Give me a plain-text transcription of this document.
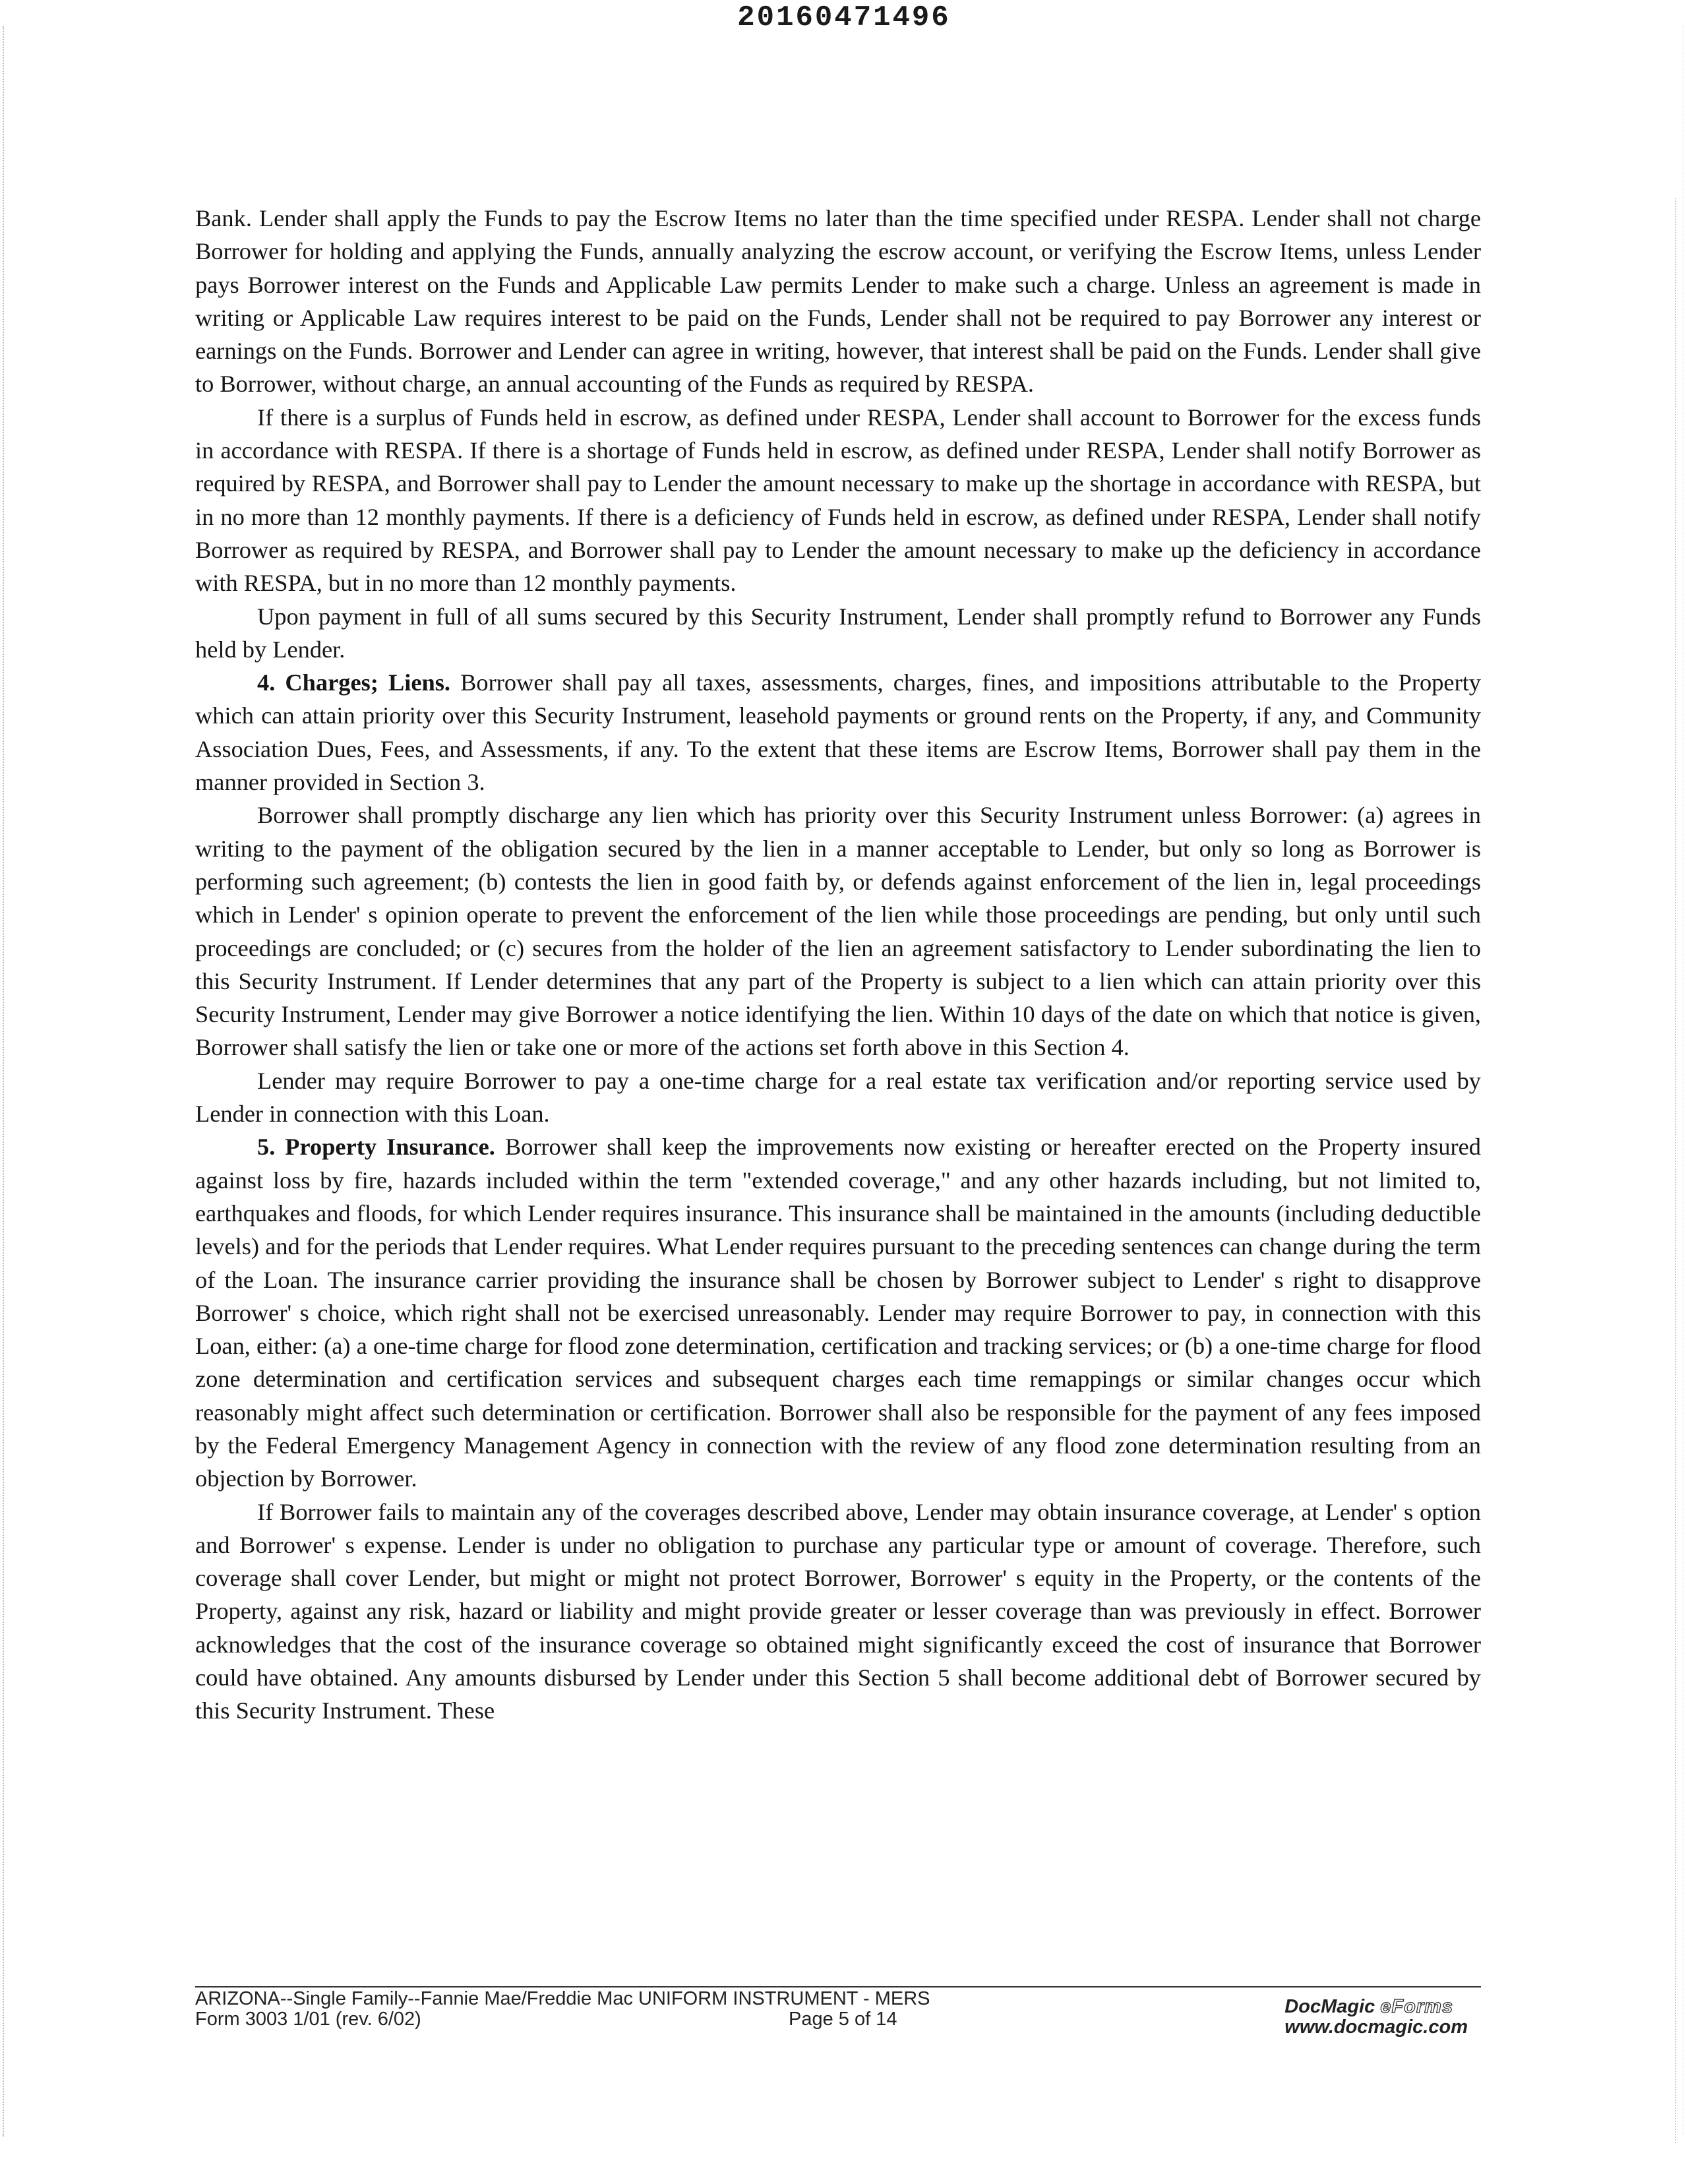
20160471496

Bank. Lender shall apply the Funds to pay the Escrow Items no later than the time specified under RESPA. Lender shall not charge Borrower for holding and applying the Funds, annually analyzing the escrow account, or verifying the Escrow Items, unless Lender pays Borrower interest on the Funds and Applicable Law permits Lender to make such a charge. Unless an agreement is made in writing or Applicable Law requires interest to be paid on the Funds, Lender shall not be required to pay Borrower any interest or earnings on the Funds. Borrower and Lender can agree in writing, however, that interest shall be paid on the Funds. Lender shall give to Borrower, without charge, an annual accounting of the Funds as required by RESPA.

If there is a surplus of Funds held in escrow, as defined under RESPA, Lender shall account to Borrower for the excess funds in accordance with RESPA. If there is a shortage of Funds held in escrow, as defined under RESPA, Lender shall notify Borrower as required by RESPA, and Borrower shall pay to Lender the amount necessary to make up the shortage in accordance with RESPA, but in no more than 12 monthly payments. If there is a deficiency of Funds held in escrow, as defined under RESPA, Lender shall notify Borrower as required by RESPA, and Borrower shall pay to Lender the amount necessary to make up the deficiency in accordance with RESPA, but in no more than 12 monthly payments.

Upon payment in full of all sums secured by this Security Instrument, Lender shall promptly refund to Borrower any Funds held by Lender.

4. Charges; Liens. Borrower shall pay all taxes, assessments, charges, fines, and impositions attributable to the Property which can attain priority over this Security Instrument, leasehold payments or ground rents on the Property, if any, and Community Association Dues, Fees, and Assessments, if any. To the extent that these items are Escrow Items, Borrower shall pay them in the manner provided in Section 3.

Borrower shall promptly discharge any lien which has priority over this Security Instrument unless Borrower: (a) agrees in writing to the payment of the obligation secured by the lien in a manner acceptable to Lender, but only so long as Borrower is performing such agreement; (b) contests the lien in good faith by, or defends against enforcement of the lien in, legal proceedings which in Lender' s opinion operate to prevent the enforcement of the lien while those proceedings are pending, but only until such proceedings are concluded; or (c) secures from the holder of the lien an agreement satisfactory to Lender subordinating the lien to this Security Instrument. If Lender determines that any part of the Property is subject to a lien which can attain priority over this Security Instrument, Lender may give Borrower a notice identifying the lien. Within 10 days of the date on which that notice is given, Borrower shall satisfy the lien or take one or more of the actions set forth above in this Section 4.

Lender may require Borrower to pay a one-time charge for a real estate tax verification and/or reporting service used by Lender in connection with this Loan.

5. Property Insurance. Borrower shall keep the improvements now existing or hereafter erected on the Property insured against loss by fire, hazards included within the term "extended coverage," and any other hazards including, but not limited to, earthquakes and floods, for which Lender requires insurance. This insurance shall be maintained in the amounts (including deductible levels) and for the periods that Lender requires. What Lender requires pursuant to the preceding sentences can change during the term of the Loan. The insurance carrier providing the insurance shall be chosen by Borrower subject to Lender' s right to disapprove Borrower' s choice, which right shall not be exercised unreasonably. Lender may require Borrower to pay, in connection with this Loan, either: (a) a one-time charge for flood zone determination, certification and tracking services; or (b) a one-time charge for flood zone determination and certification services and subsequent charges each time remappings or similar changes occur which reasonably might affect such determination or certification. Borrower shall also be responsible for the payment of any fees imposed by the Federal Emergency Management Agency in connection with the review of any flood zone determination resulting from an objection by Borrower.

If Borrower fails to maintain any of the coverages described above, Lender may obtain insurance coverage, at Lender' s option and Borrower' s expense. Lender is under no obligation to purchase any particular type or amount of coverage. Therefore, such coverage shall cover Lender, but might or might not protect Borrower, Borrower' s equity in the Property, or the contents of the Property, against any risk, hazard or liability and might provide greater or lesser coverage than was previously in effect. Borrower acknowledges that the cost of the insurance coverage so obtained might significantly exceed the cost of insurance that Borrower could have obtained. Any amounts disbursed by Lender under this Section 5 shall become additional debt of Borrower secured by this Security Instrument. These

ARIZONA--Single Family--Fannie Mae/Freddie Mac UNIFORM INSTRUMENT - MERS
Form 3003 1/01 (rev. 6/02)	Page 5 of 14
DocMagic eForms
www.docmagic.com
